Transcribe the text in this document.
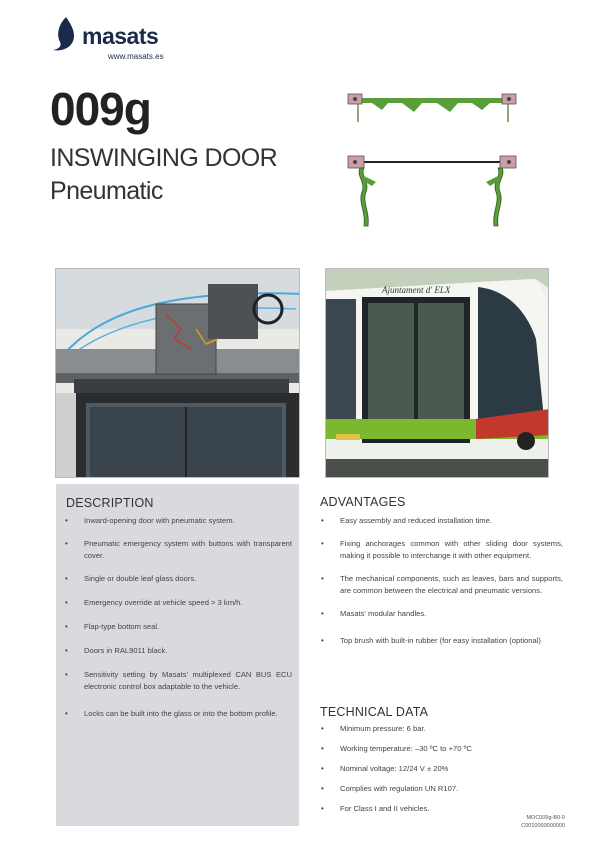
masats
www.masats.es
009g
INSWINGING DOOR
Pneumatic
Ajuntament d' ELX
DESCRIPTION
• Inward-opening door with pneumatic system.
• Pneumatic emergency system with buttons with transparent cover.
• Single or double leaf glass doors.
• Emergency override at vehicle speed > 3 km/h.
• Flap-type bottom seal.
• Doors in RAL9011 black.
• Sensitivity setting by Masats' multiplexed CAN BUS ECU electronic control box adaptable to the vehicle.
• Locks can be built into the glass or into the bottom profile.
ADVANTAGES
• Easy assembly and reduced installation time.
• Fixing anchorages common with other sliding door systems, making it possible to interchange it with other equipment.
• The mechanical components, such as leaves, bars and supports, are common between the electrical and pneumatic versions.
• Masats' modular handles.
• Top brush with built-in rubber (for easy installation (optional)
TECHNICAL DATA
• Minimum pressure: 6 bar.
• Working temperature: –30 ºC to +70 ºC
• Nominal voltage: 12/24 V ± 20%
• Complies with regulation UN R107.
• For Class I and II vehicles.
MOC009g-B0-0
C0010000000000
